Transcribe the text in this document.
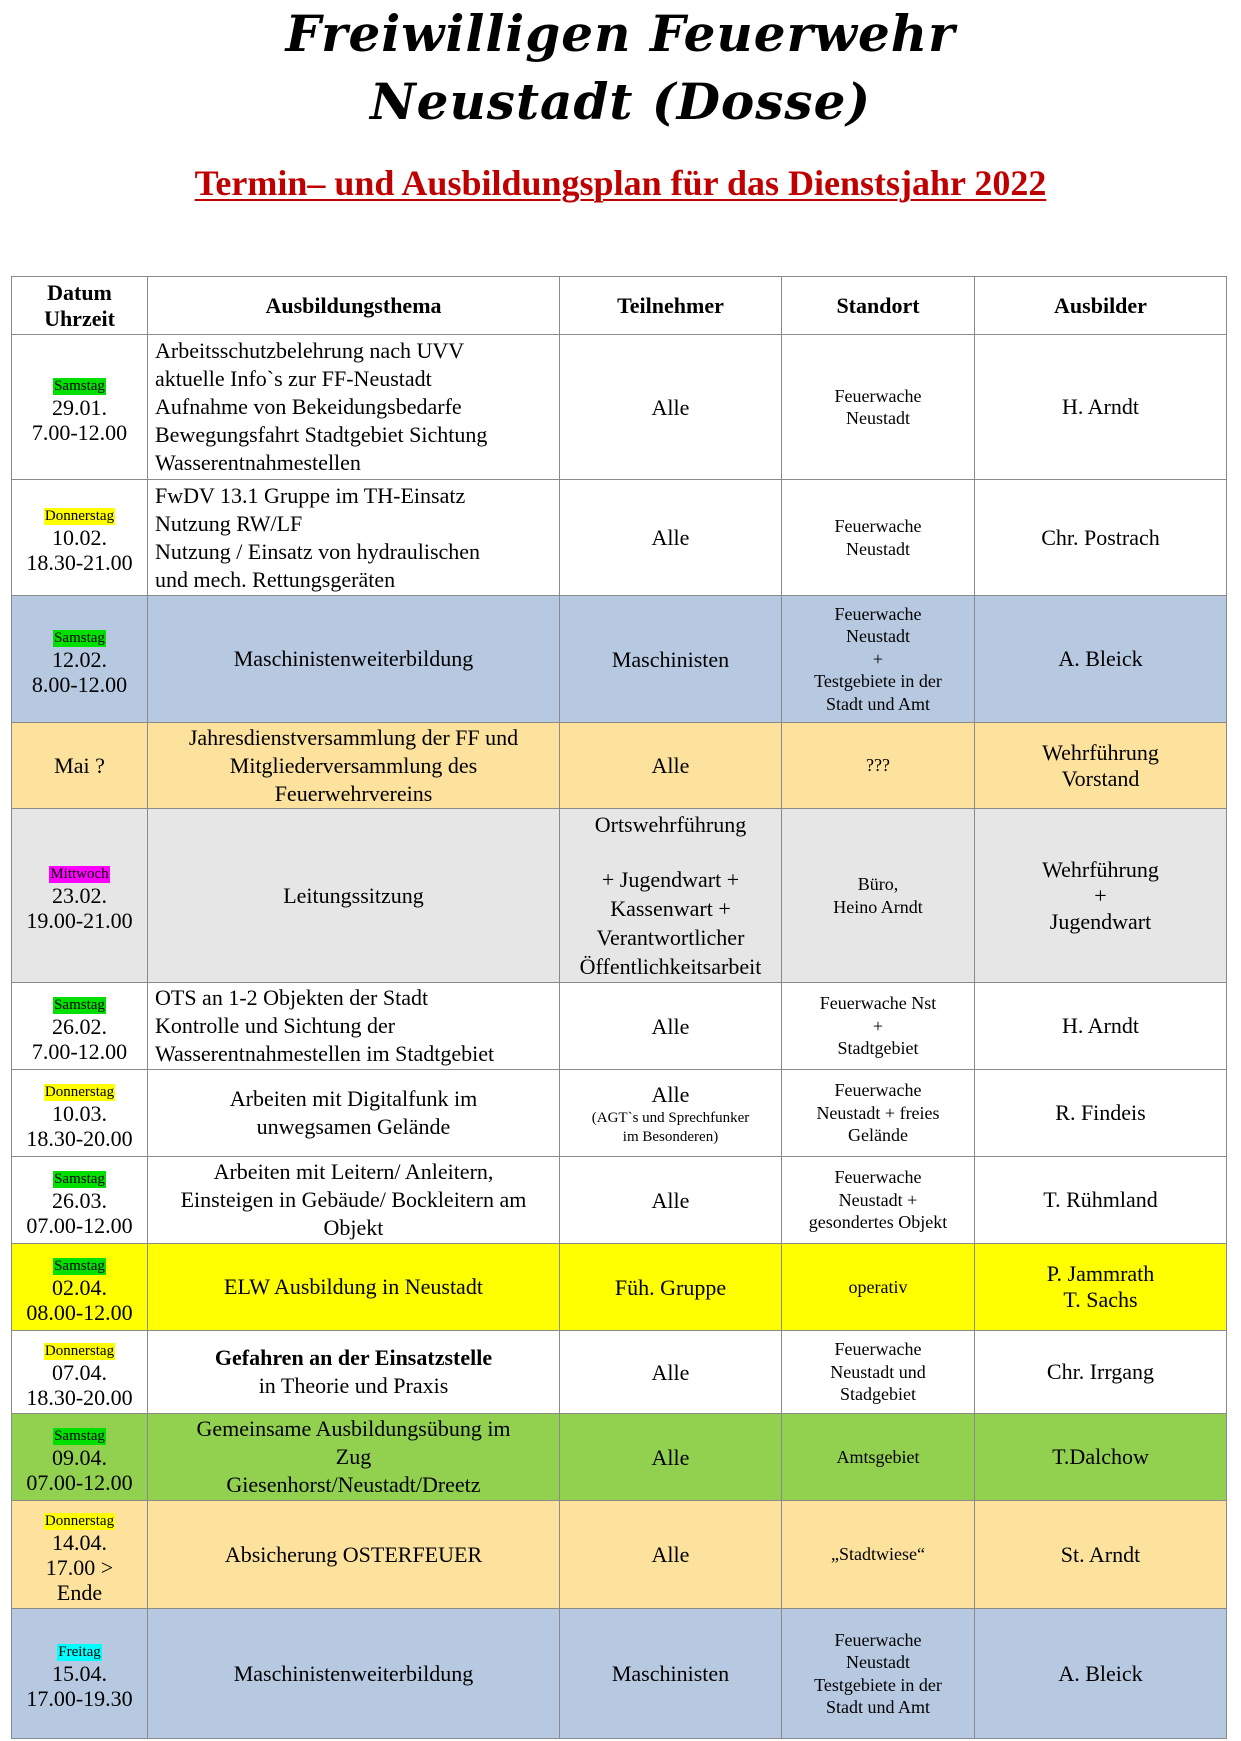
Freiwilligen Feuerwehr
Neustadt (Dosse)
Termin– und Ausbildungsplan für das Dienstsjahr 2022
Datum
Uhrzeit	Ausbildungsthema	Teilnehmer	Standort	Ausbilder
Samstag
29.01.
7.00-12.00	Arbeitsschutzbelehrung nach UVV
aktuelle Info`s zur FF-Neustadt
Aufnahme von Bekeidungsbedarfe
Bewegungsfahrt Stadtgebiet Sichtung
Wasserentnahmestellen	Alle	Feuerwache
Neustadt	H. Arndt

Donnerstag
10.02.
18.30-21.00	FwDV 13.1 Gruppe im TH-Einsatz
Nutzung RW/LF
Nutzung / Einsatz von hydraulischen
und mech. Rettungsgeräten	Alle	Feuerwache
Neustadt	Chr. Postrach

Samstag
12.02.
8.00-12.00	Maschinistenweiterbildung	Maschinisten	Feuerwache
Neustadt
+
Testgebiete in der
Stadt und Amt	A. Bleick

Mai ?	Jahresdienstversammlung der FF und
Mitgliederversammlung des
Feuerwehrvereins	Alle	???	Wehrführung
Vorstand

Mittwoch
23.02.
19.00-21.00	Leitungssitzung	Ortswehrführung
+ Jugendwart +
Kassenwart +
Verantwortlicher
Öffentlichkeitsarbeit	Büro,
Heino Arndt	Wehrführung
+
Jugendwart

Samstag
26.02.
7.00-12.00	OTS an 1-2 Objekten der Stadt
Kontrolle und Sichtung der
Wasserentnahmestellen im Stadtgebiet	Alle	Feuerwache Nst
+
Stadtgebiet	H. Arndt

Donnerstag
10.03.
18.30-20.00	Arbeiten mit Digitalfunk im
unwegsamen Gelände	Alle
(AGT`s und Sprechfunker
im Besonderen)	Feuerwache
Neustadt + freies
Gelände	R. Findeis

Samstag
26.03.
07.00-12.00	Arbeiten mit Leitern/ Anleitern,
Einsteigen in Gebäude/ Bockleitern am
Objekt	Alle	Feuerwache
Neustadt +
gesondertes Objekt	T. Rühmland

Samstag
02.04.
08.00-12.00	ELW Ausbildung in Neustadt	Füh. Gruppe	operativ	P. Jammrath
T. Sachs

Donnerstag
07.04.
18.30-20.00	Gefahren an der Einsatzstelle
in Theorie und Praxis	Alle	Feuerwache
Neustadt und
Stadgebiet	Chr. Irrgang

Samstag
09.04.
07.00-12.00	Gemeinsame Ausbildungsübung im
Zug
Giesenhorst/Neustadt/Dreetz	Alle	Amtsgebiet	T.Dalchow

Donnerstag
14.04.
17.00 >
Ende	Absicherung OSTERFEUER	Alle	„Stadtwiese“	St. Arndt

Freitag
15.04.
17.00-19.30	Maschinistenweiterbildung	Maschinisten	Feuerwache
Neustadt
Testgebiete in der
Stadt und Amt	A. Bleick
